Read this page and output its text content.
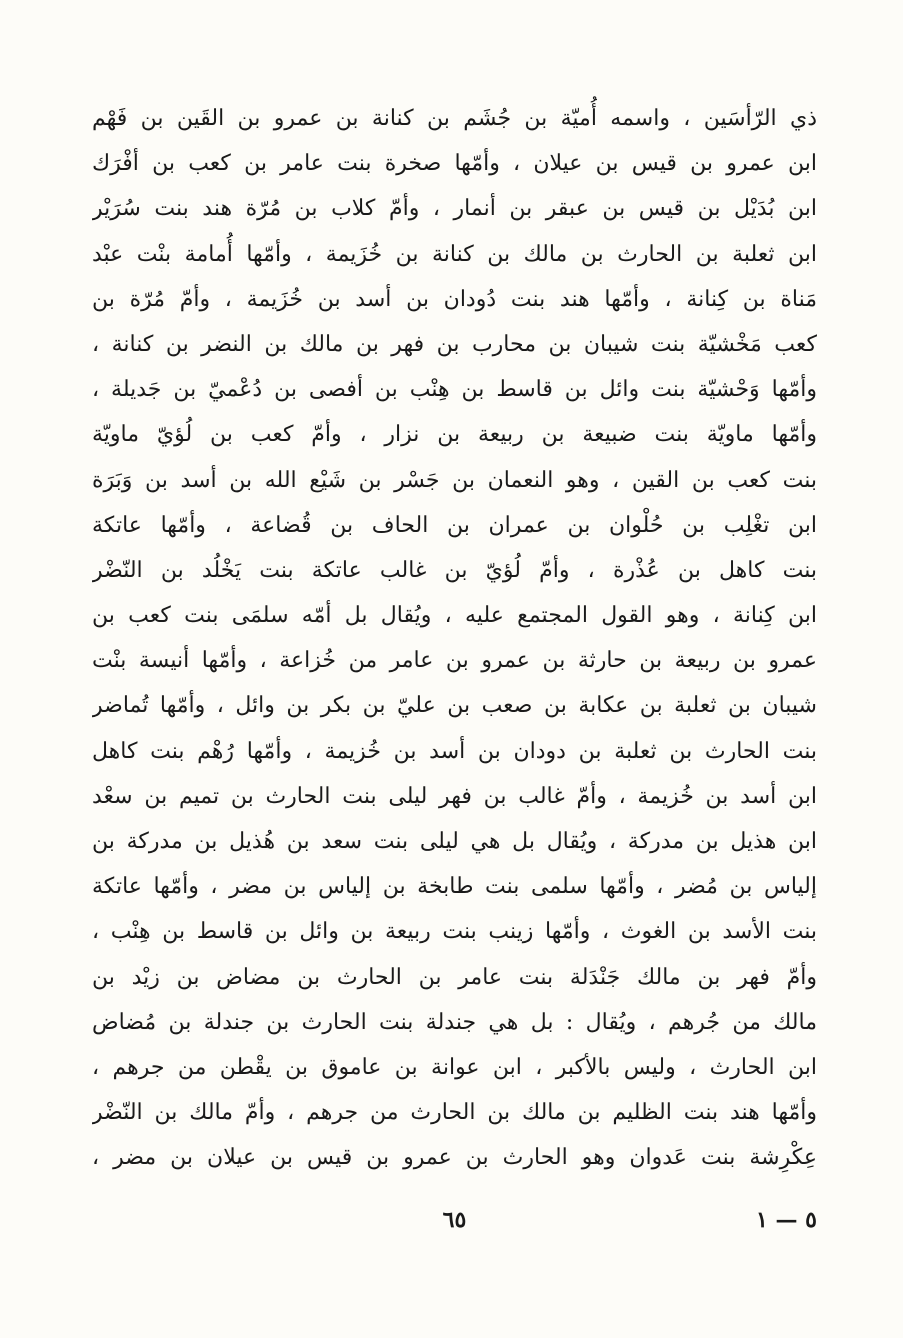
ذي الرّأسَين ، واسمه أُميّة بن جُشَم بن كنانة بن عمرو بن القَين بن فَهْم
ابن عمرو بن قيس بن عيلان ، وأمّها صخرة بنت عامر بن كعب بن أفْرَك
ابن بُدَيْل بن قيس بن عبقر بن أنمار ، وأمّ كلاب بن مُرّة هند بنت سُرَيْر
ابن ثعلبة بن الحارث بن مالك بن كنانة بن خُزَيمة ، وأمّها أُمامة بنْت عبْد
مَناة بن كِنانة ، وأمّها هند بنت دُودان بن أسد بن خُزَيمة ، وأمّ مُرّة بن
كعب مَخْشيّة بنت شيبان بن محارب بن فهر بن مالك بن النضر بن كنانة ،
وأمّها وَحْشيّة بنت وائل بن قاسط بن هِنْب بن أفصى بن دُعْميّ بن جَديلة ،
وأمّها ماويّة بنت ضبيعة بن ربيعة بن نزار ، وأمّ كعب بن لُؤيّ ماويّة
بنت كعب بن القين ، وهو النعمان بن جَسْر بن شَيْع الله بن أسد بن وَبَرَة
ابن تغْلِب بن حُلْوان بن عمران بن الحاف بن قُضاعة ، وأمّها عاتكة
بنت كاهل بن عُذْرة ، وأمّ لُؤيّ بن غالب عاتكة بنت يَخْلُد بن النّضْر
ابن كِنانة ، وهو القول المجتمع عليه ، ويُقال بل أمّه سلمَى بنت كعب بن
عمرو بن ربيعة بن حارثة بن عمرو بن عامر من خُزاعة ، وأمّها أنيسة بنْت
شيبان بن ثعلبة بن عكابة بن صعب بن عليّ بن بكر بن وائل ، وأمّها تُماضر
بنت الحارث بن ثعلبة بن دودان بن أسد بن خُزيمة ، وأمّها رُهْم بنت كاهل
ابن أسد بن خُزيمة ، وأمّ غالب بن فهر ليلى بنت الحارث بن تميم بن سعْد
ابن هذيل بن مدركة ، ويُقال بل هي ليلى بنت سعد بن هُذيل بن مدركة بن
إلياس بن مُضر ، وأمّها سلمى بنت طابخة بن إلياس بن مضر ، وأمّها عاتكة
بنت الأسد بن الغوث ، وأمّها زينب بنت ربيعة بن وائل بن قاسط بن هِنْب ،
وأمّ فهر بن مالك جَنْدَلة بنت عامر بن الحارث بن مضاض بن زيْد بن
مالك من جُرهم ، ويُقال : بل هي جندلة بنت الحارث بن جندلة بن مُضاض
ابن الحارث ، وليس بالأكبر ، ابن عوانة بن عاموق بن يقْطن من جرهم ،
وأمّها هند بنت الظليم بن مالك بن الحارث من جرهم ، وأمّ مالك بن النّضْر
عِكْرِشة بنت عَدوان وهو الحارث بن عمرو بن قيس بن عيلان بن مضر ،
٥ — ١
٦٥
